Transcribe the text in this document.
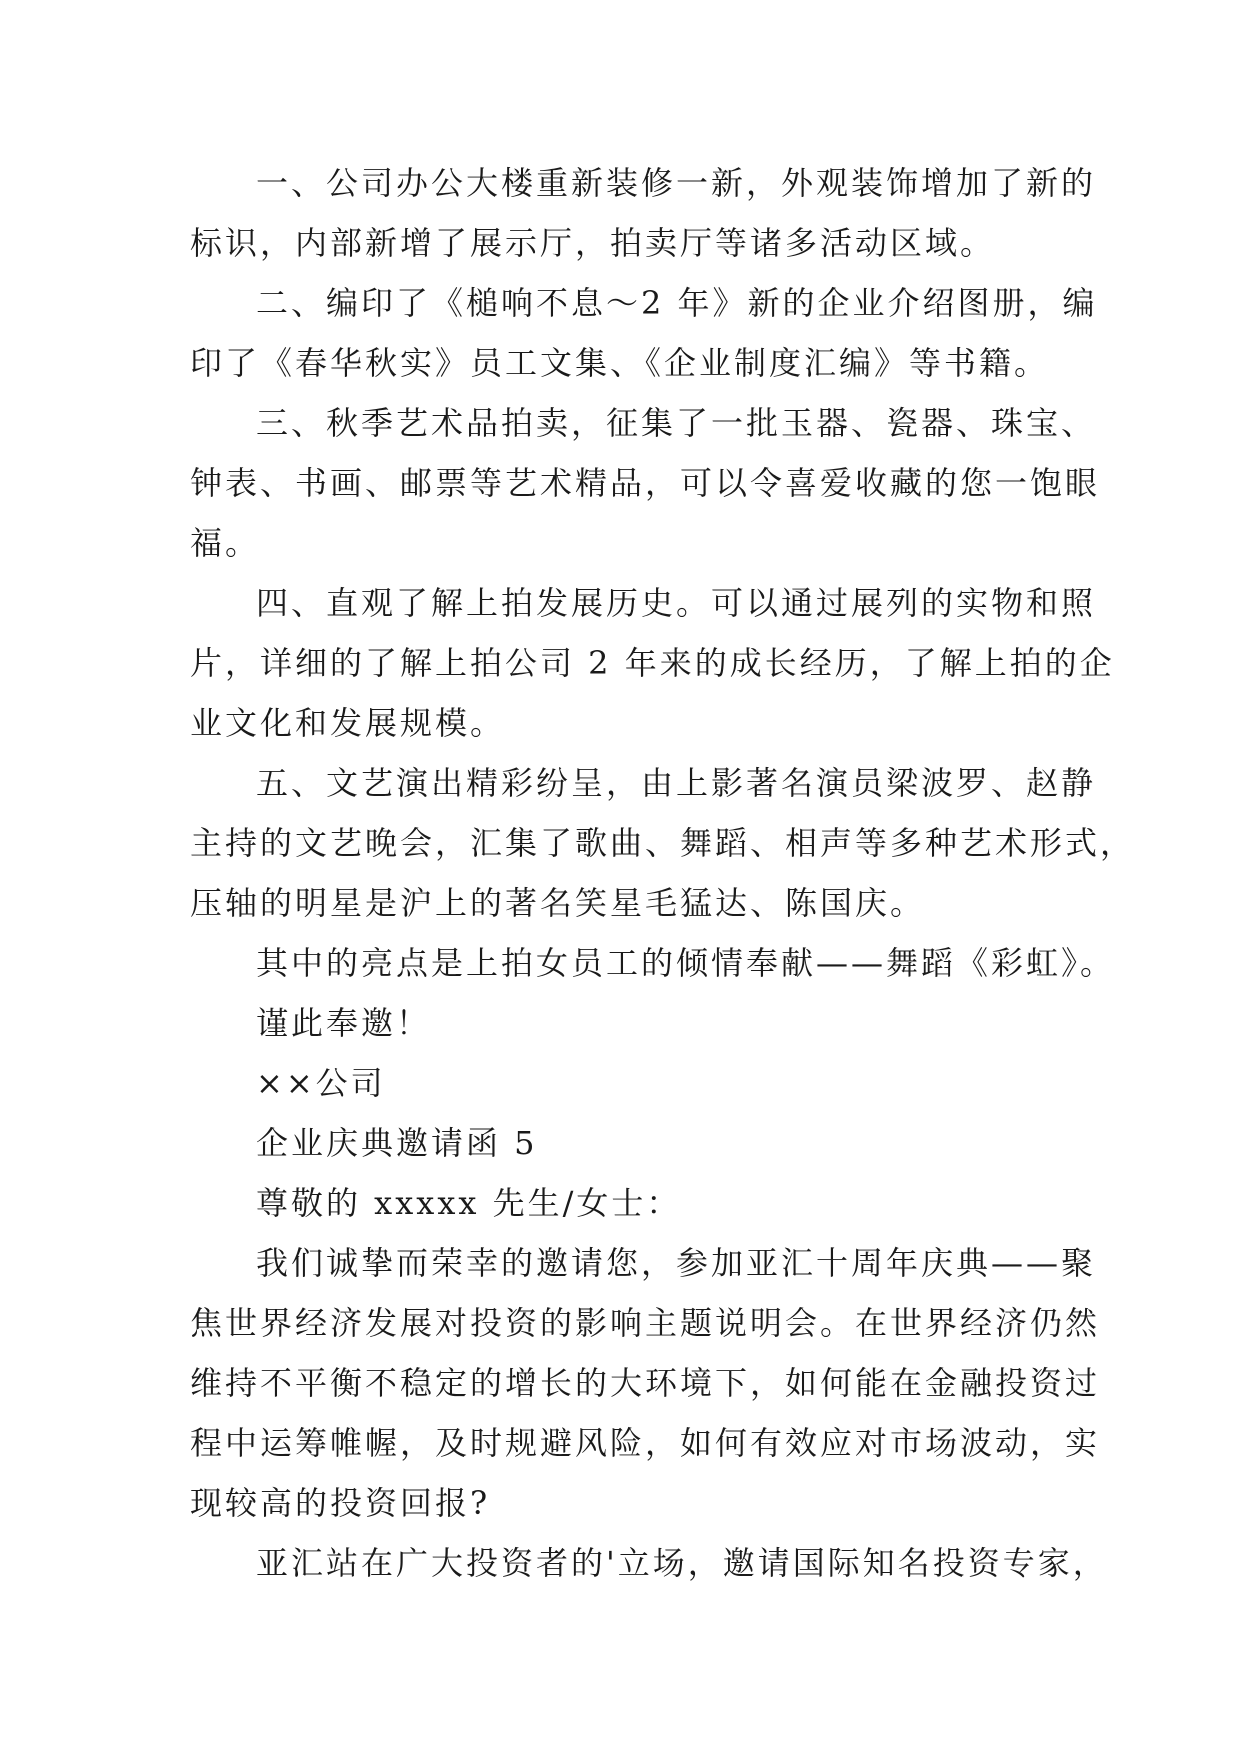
一、公司办公大楼重新装修一新，外观装饰增加了新的
标识，内部新增了展示厅，拍卖厅等诸多活动区域。
二、编印了《槌响不息～2 年》新的企业介绍图册，编
印了《春华秋实》员工文集、《企业制度汇编》等书籍。
三、秋季艺术品拍卖，征集了一批玉器、瓷器、珠宝、
钟表、书画、邮票等艺术精品，可以令喜爱收藏的您一饱眼
福。
四、直观了解上拍发展历史。可以通过展列的实物和照
片，详细的了解上拍公司 2 年来的成长经历，了解上拍的企
业文化和发展规模。
五、文艺演出精彩纷呈，由上影著名演员梁波罗、赵静
主持的文艺晚会，汇集了歌曲、舞蹈、相声等多种艺术形式，
压轴的明星是沪上的著名笑星毛猛达、陈国庆。
其中的亮点是上拍女员工的倾情奉献——舞蹈《彩虹》。
谨此奉邀！
××公司
企业庆典邀请函 5
尊敬的 xxxxx 先生/女士：
我们诚挚而荣幸的邀请您，参加亚汇十周年庆典——聚
焦世界经济发展对投资的影响主题说明会。在世界经济仍然
维持不平衡不稳定的增长的大环境下，如何能在金融投资过
程中运筹帷幄，及时规避风险，如何有效应对市场波动，实
现较高的投资回报?
亚汇站在广大投资者的'立场，邀请国际知名投资专家，
